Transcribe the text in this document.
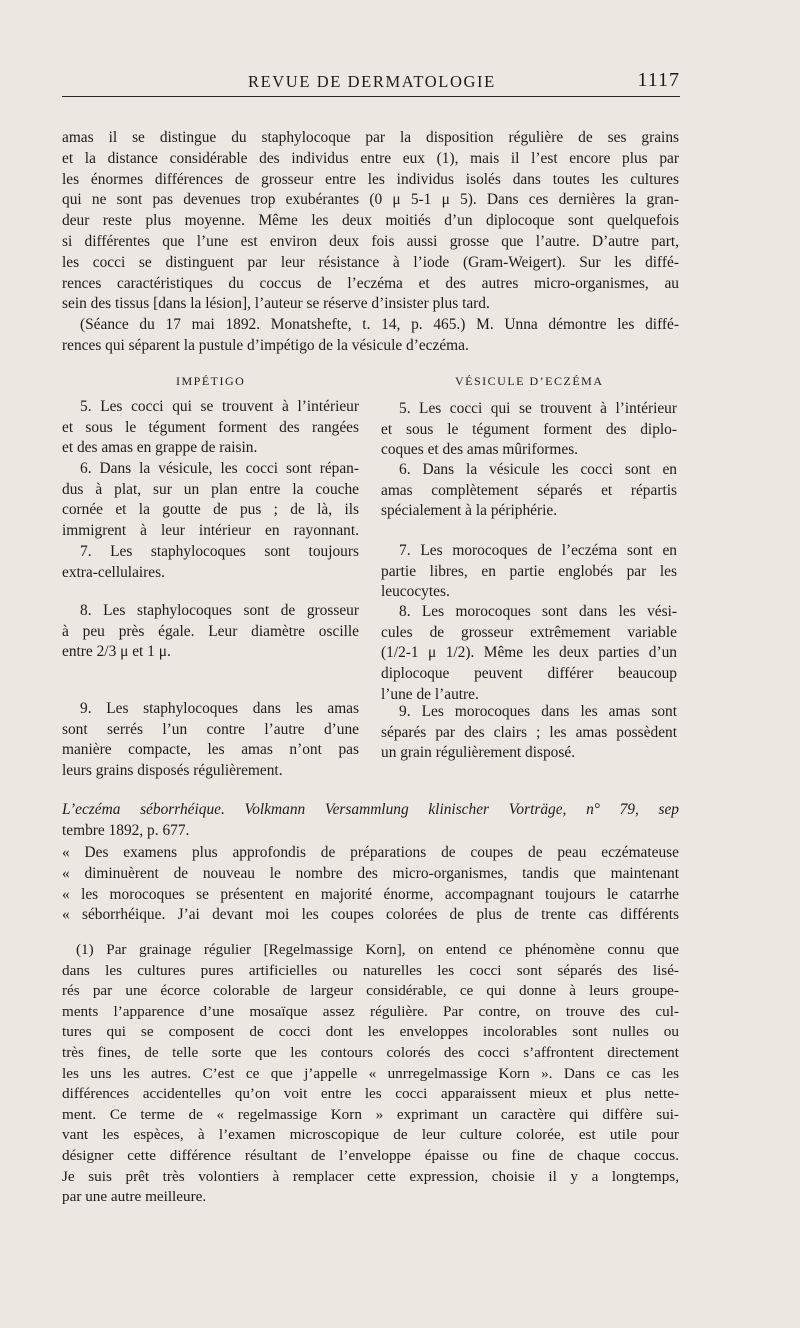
REVUE DE DERMATOLOGIE	1117
amas il se distingue du staphylocoque par la disposition régulière de ses grains
et la distance considérable des individus entre eux (1), mais il l’est encore plus par
les énormes différences de grosseur entre les individus isolés dans toutes les cultures
qui ne sont pas devenues trop exubérantes (0 μ 5-1 μ 5). Dans ces dernières la gran-
deur reste plus moyenne. Même les deux moitiés d’un diplocoque sont quelquefois
si différentes que l’une est environ deux fois aussi grosse que l’autre. D’autre part,
les cocci se distinguent par leur résistance à l’iode (Gram-Weigert). Sur les diffé-
rences caractéristiques du coccus de l’eczéma et des autres micro-organismes, au
sein des tissus [dans la lésion], l’auteur se réserve d’insister plus tard.
(Séance du 17 mai 1892. Monatshefte, t. 14, p. 465.) M. Unna démontre les diffé-
rences qui séparent la pustule d’impétigo de la vésicule d’eczéma.
IMPÉTIGO	VÉSICULE D’ECZÉMA
5. Les cocci qui se trouvent à l’intérieur
et sous le tégument forment des rangées
et des amas en grappe de raisin.
6. Dans la vésicule, les cocci sont répan-
dus à plat, sur un plan entre la couche
cornée et la goutte de pus ; de là, ils
immigrent à leur intérieur en rayonnant.
7. Les staphylocoques sont toujours
extra-cellulaires.
8. Les staphylocoques sont de grosseur
à peu près égale. Leur diamètre oscille
entre 2/3 μ et 1 μ.
9. Les staphylocoques dans les amas
sont serrés l’un contre l’autre d’une
manière compacte, les amas n’ont pas
leurs grains disposés régulièrement.
5. Les cocci qui se trouvent à l’intérieur
et sous le tégument forment des diplo-
coques et des amas mûriformes.
6. Dans la vésicule les cocci sont en
amas complètement séparés et répartis
spécialement à la périphérie.
7. Les morocoques de l’eczéma sont en
partie libres, en partie englobés par les
leucocytes.
8. Les morocoques sont dans les vési-
cules de grosseur extrêmement variable
(1/2-1 μ 1/2). Même les deux parties d’un
diplocoque peuvent différer beaucoup
l’une de l’autre.
9. Les morocoques dans les amas sont
séparés par des clairs ; les amas possèdent
un grain régulièrement disposé.
L’eczéma séborrhéique. Volkmann Versammlung klinischer Vorträge, n° 79, sep
tembre 1892, p. 677.
« Des examens plus approfondis de préparations de coupes de peau eczémateuse
« diminuèrent de nouveau le nombre des micro-organismes, tandis que maintenant
« les morocoques se présentent en majorité énorme, accompagnant toujours le catarrhe
« séborrhéique. J’ai devant moi les coupes colorées de plus de trente cas différents
(1) Par grainage régulier [Regelmassige Korn], on entend ce phénomène connu que
dans les cultures pures artificielles ou naturelles les cocci sont séparés des lisé-
rés par une écorce colorable de largeur considérable, ce qui donne à leurs groupe-
ments l’apparence d’une mosaïque assez régulière. Par contre, on trouve des cul-
tures qui se composent de cocci dont les enveloppes incolorables sont nulles ou
très fines, de telle sorte que les contours colorés des cocci s’affrontent directement
les uns les autres. C’est ce que j’appelle « unrregelmassige Korn ». Dans ce cas les
différences accidentelles qu’on voit entre les cocci apparaissent mieux et plus nette-
ment. Ce terme de « regelmassige Korn » exprimant un caractère qui diffère sui-
vant les espèces, à l’examen microscopique de leur culture colorée, est utile pour
désigner cette différence résultant de l’enveloppe épaisse ou fine de chaque coccus.
Je suis prêt très volontiers à remplacer cette expression, choisie il y a longtemps,
par une autre meilleure.
